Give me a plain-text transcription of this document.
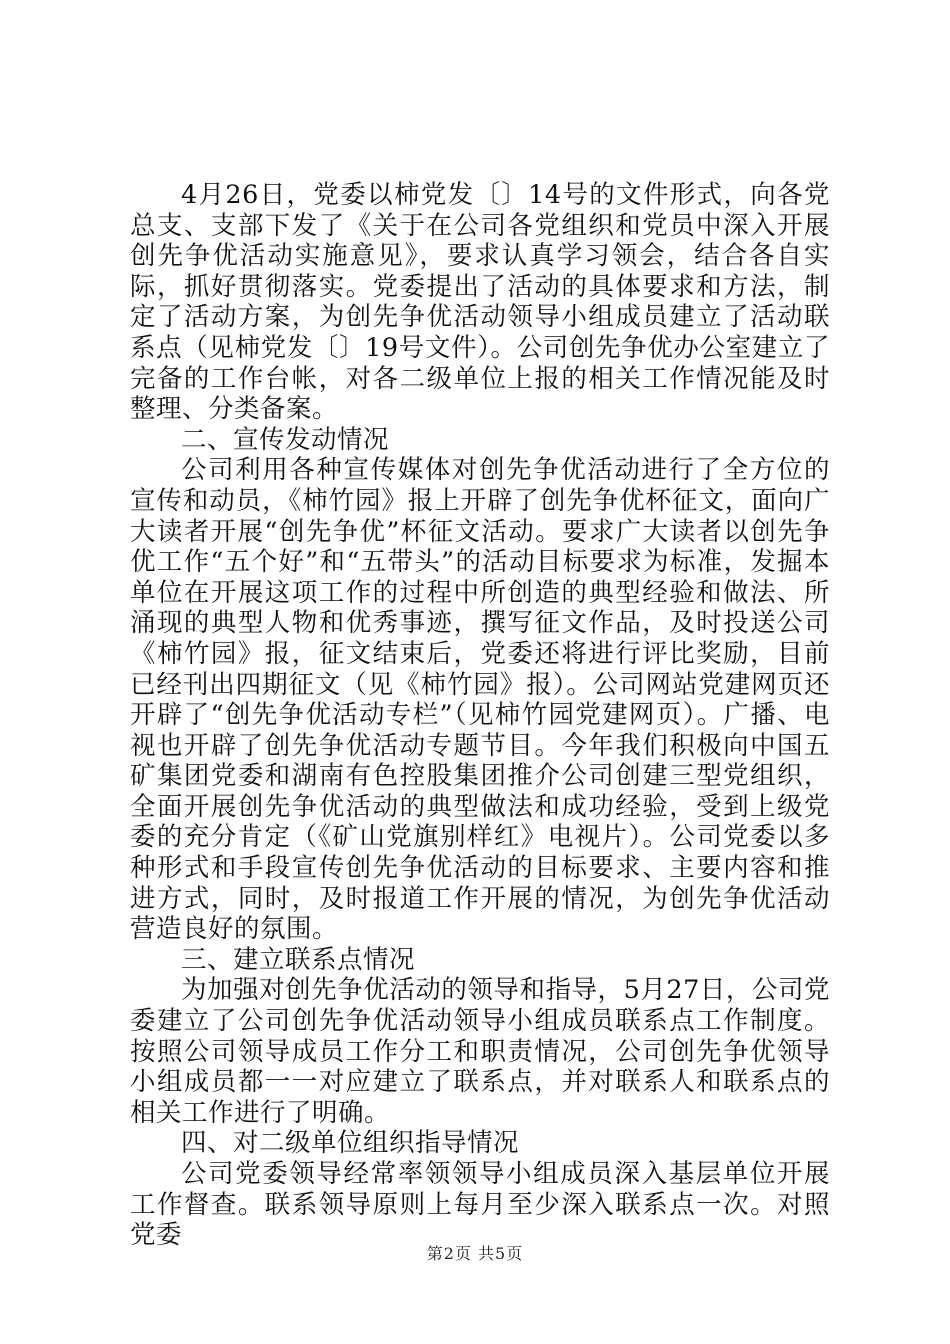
4月26日，党委以柿党发〔〕14号的文件形式，向各党总支、支部下发了《关于在公司各党组织和党员中深入开展创先争优活动实施意见》，要求认真学习领会，结合各自实际，抓好贯彻落实。党委提出了活动的具体要求和方法，制定了活动方案，为创先争优活动领导小组成员建立了活动联系点（见柿党发〔〕19号文件）。公司创先争优办公室建立了完备的工作台帐，对各二级单位上报的相关工作情况能及时整理、分类备案。

二、宣传发动情况

公司利用各种宣传媒体对创先争优活动进行了全方位的宣传和动员，《柿竹园》报上开辟了创先争优杯征文，面向广大读者开展“创先争优”杯征文活动。要求广大读者以创先争优工作“五个好”和“五带头”的活动目标要求为标准，发掘本单位在开展这项工作的过程中所创造的典型经验和做法、所涌现的典型人物和优秀事迹，撰写征文作品，及时投送公司《柿竹园》报，征文结束后，党委还将进行评比奖励，目前已经刊出四期征文（见《柿竹园》报）。公司网站党建网页还开辟了“创先争优活动专栏”（见柿竹园党建网页）。广播、电视也开辟了创先争优活动专题节目。今年我们积极向中国五矿集团党委和湖南有色控股集团推介公司创建三型党组织，全面开展创先争优活动的典型做法和成功经验，受到上级党委的充分肯定（《矿山党旗别样红》电视片）。公司党委以多种形式和手段宣传创先争优活动的目标要求、主要内容和推进方式，同时，及时报道工作开展的情况，为创先争优活动营造良好的氛围。

三、建立联系点情况

为加强对创先争优活动的领导和指导，5月27日，公司党委建立了公司创先争优活动领导小组成员联系点工作制度。按照公司领导成员工作分工和职责情况，公司创先争优领导小组成员都一一对应建立了联系点，并对联系人和联系点的相关工作进行了明确。

四、对二级单位组织指导情况

公司党委领导经常率领领导小组成员深入基层单位开展工作督查。联系领导原则上每月至少深入联系点一次。对照党委

第2页 共5页
